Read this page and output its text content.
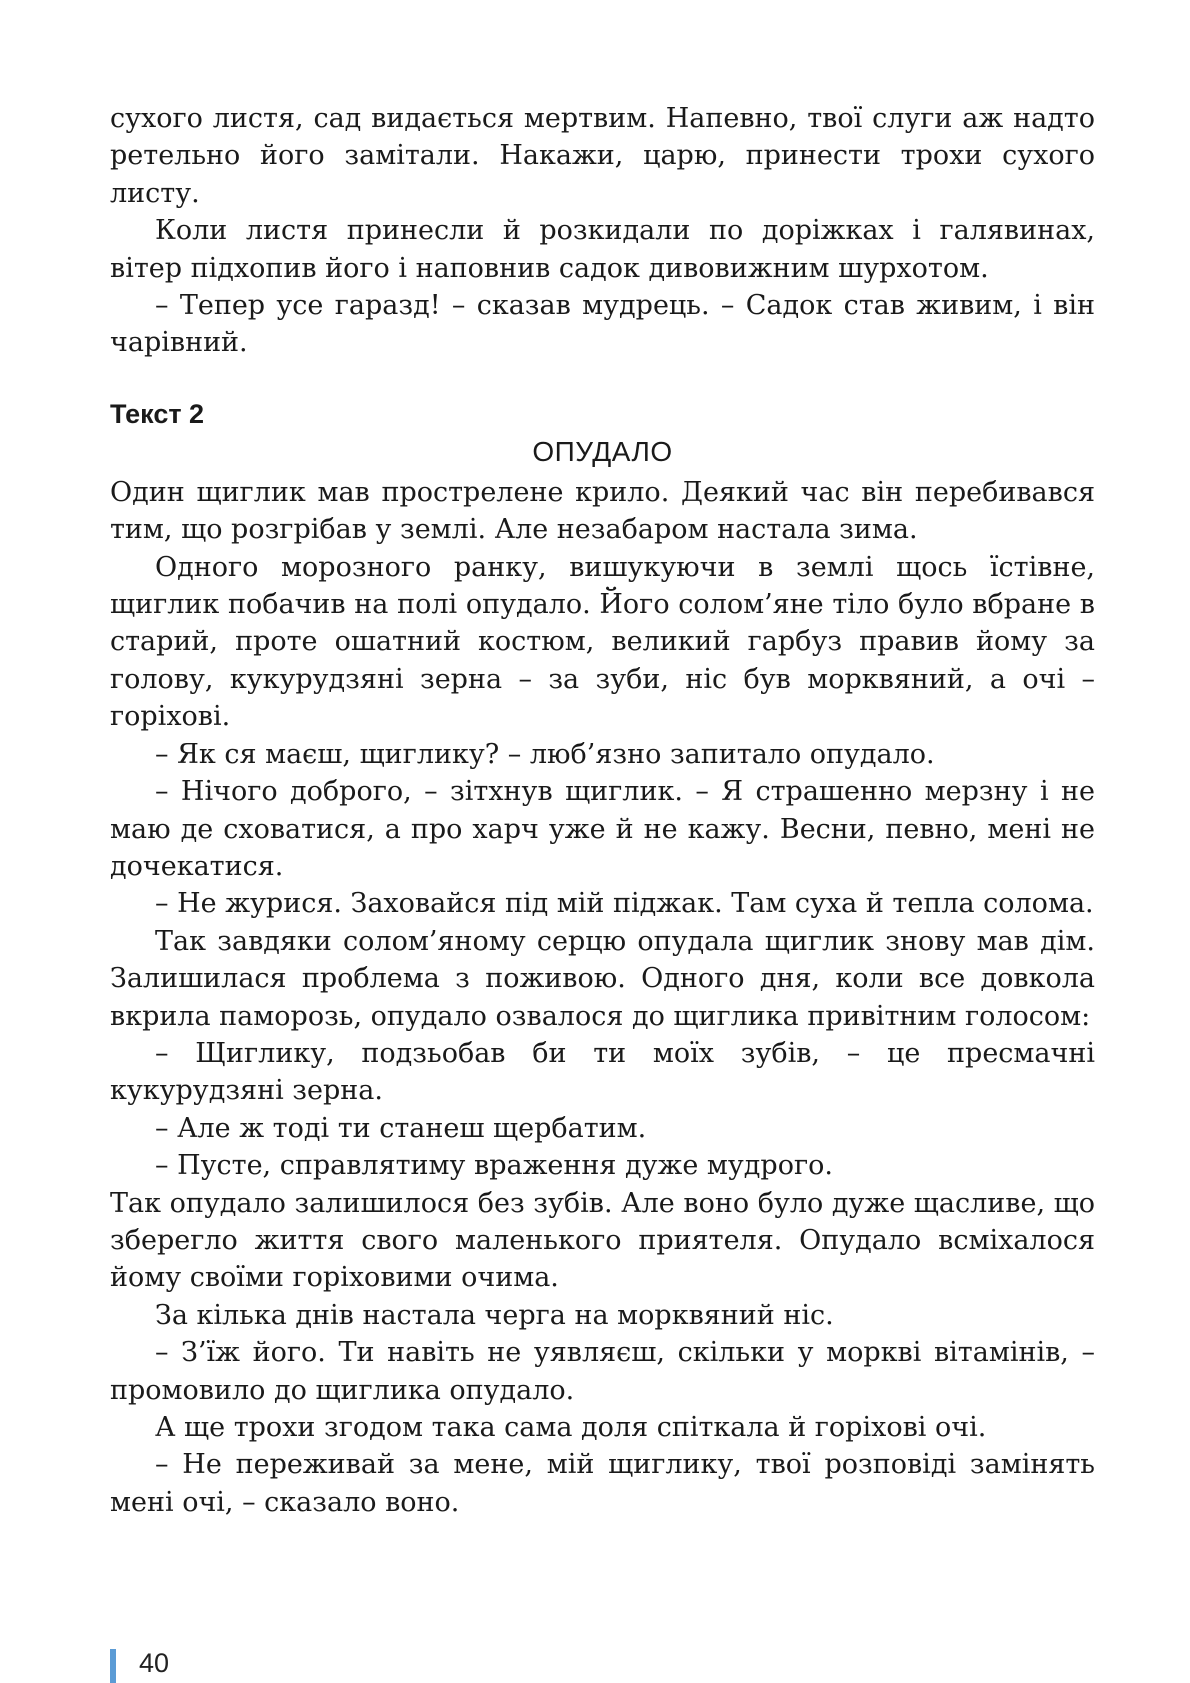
сухого листя, сад видається мертвим. Напевно, твої слуги аж надто ретельно його замітали. Накажи, царю, принести трохи сухого листу.

Коли листя принесли й розкидали по доріжках і галявинах, вітер підхопив його і наповнив садок дивовижним шурхотом.

– Тепер усе гаразд! – сказав мудрець. – Садок став живим, і він чарівний.

Текст 2
ОПУДАЛО

Один щиглик мав прострелене крило. Деякий час він перебивався тим, що розгрібав у землі. Але незабаром настала зима.

Одного морозного ранку, вишукуючи в землі щось їстівне, щиглик побачив на полі опудало. Його солом’яне тіло було вбране в старий, проте ошатний костюм, великий гарбуз правив йому за голову, кукурудзяні зерна – за зуби, ніс був морквяний, а очі – горіхові.

– Як ся маєш, щиглику? – люб’язно запитало опудало.

– Нічого доброго, – зітхнув щиглик. – Я страшенно мерзну і не маю де сховатися, а про харч уже й не кажу. Весни, певно, мені не дочекатися.

– Не журися. Заховайся під мій піджак. Там суха й тепла солома.

Так завдяки солом’яному серцю опудала щиглик знову мав дім. Залишилася проблема з поживою. Одного дня, коли все довкола вкрила паморозь, опудало озвалося до щиглика привітним голосом:

– Щиглику, подзьобав би ти моїх зубів, – це пресмачні кукурудзяні зерна.

– Але ж тоді ти станеш щербатим.

– Пусте, справлятиму враження дуже мудрого.

Так опудало залишилося без зубів. Але воно було дуже щасливе, що зберегло життя свого маленького приятеля. Опудало всміхалося йому своїми горіховими очима.

За кілька днів настала черга на морквяний ніс.

– З’їж його. Ти навіть не уявляєш, скільки у моркві вітамінів, – промовило до щиглика опудало.

А ще трохи згодом така сама доля спіткала й горіхові очі.

– Не переживай за мене, мій щиглику, твої розповіді замінять мені очі, – сказало воно.

40
